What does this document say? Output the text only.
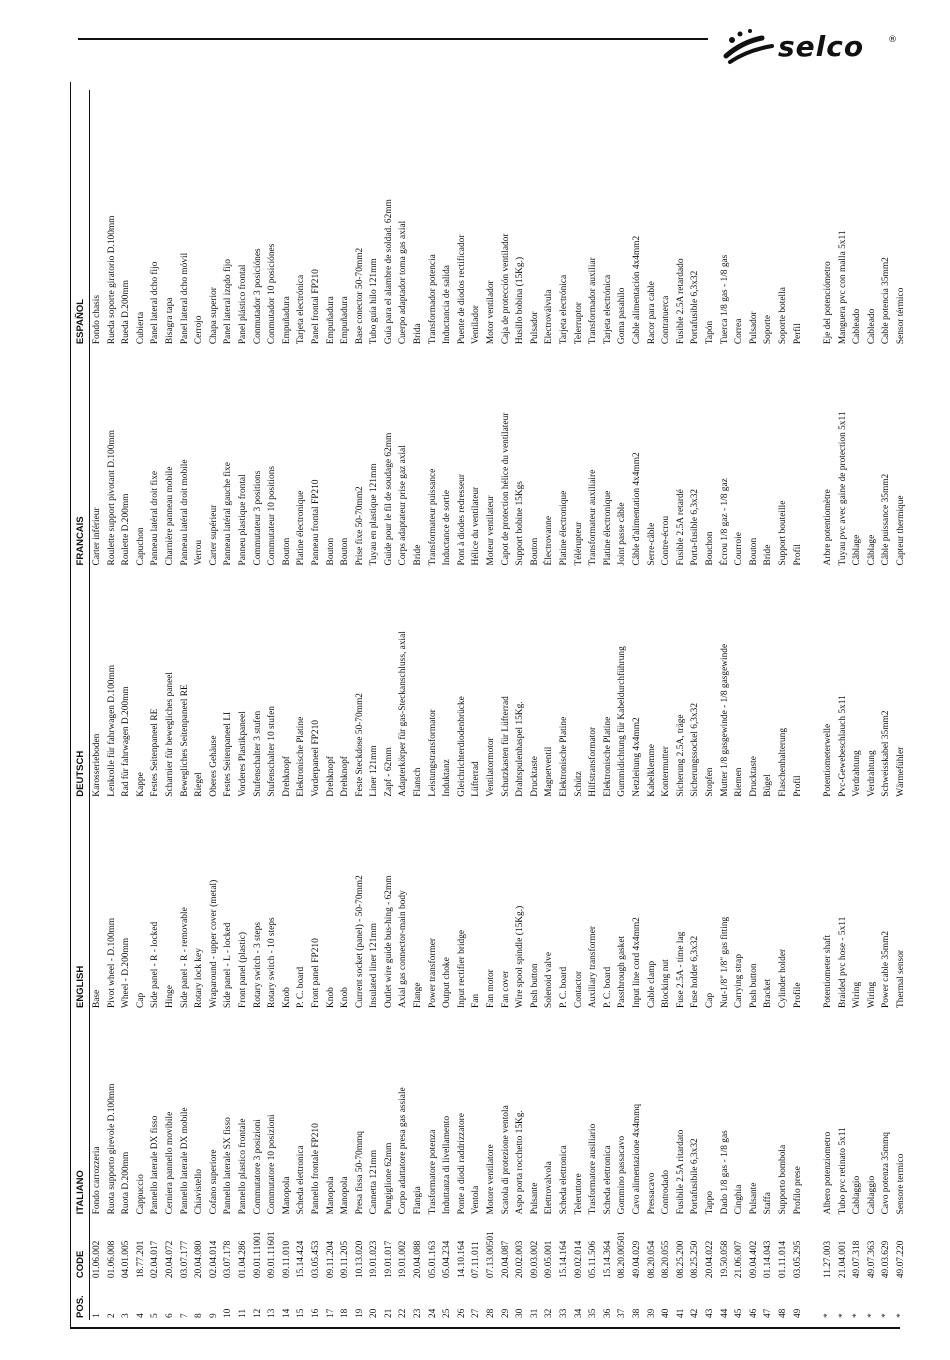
selco	®
POS.
CODE
ITALIANO
ENGLISH
DEUTSCH
FRANCAIS
ESPAÑOL
1
01.06.002
Fondo carrozzeria
Base
Karosserieboden
Carter inférieur
Fondo chasis
2
01.06.008
Ruota supporto girevole D.100mm
Pivot wheel - D.100mm
Lenkrolle für fahrwagen D.100mm
Roulette support pivotant D.100mm
Rueda soporte giratorio D.100mm
3
04.01.005
Ruota D.200mm
Wheel - D.200mm
Rad für fahrwagen D.200mm
Roulette D.200mm
Rueda D.200mm
4
18.77.201
Cappuccio
Cap
Kappe
Capuchon
Cubierta
5
02.04.017
Pannello laterale DX fisso
Side panel - R - locked
Festes Seitenpaneel RE
Panneau latéral droit fixe
Panel lateral dcho fijo
6
20.04.072
Cerniera pannello movibile
Hinge
Scharnier für bewegliches paneel
Charnière panneau mobile
Bisagra tapa
7
03.07.177
Pannello laterale DX mobile
Side panel - R - removable
Bewegliches Seitenpaneel RE
Panneau latéral droit mobile
Panel lateral dcho móvil
8
20.04.080
Chiavistello
Rotary lock key
Riegel
Verrou
Cerrojo
9
02.04.014
Cofano superiore
Wraparound - upper cover (metal)
Oberes Gehäuse
Carter supérieur
Chapa superior
10
03.07.178
Pannello laterale SX fisso
Side panel - L - locked
Festes Seitenpaneel LI
Panneau latéral gauche fixe
Panel lateral izqdo fijo
11
01.04.286
Pannello plastico frontale
Front panel (plastic)
Vorderes Plastikpaneel
Panneu plastique frontal
Panel plástico frontal
12
09.01.11001
Commutatore 3 posizioni
Rotary switch - 3 steps
Stufenschalter 3 stufen
Commutateur 3 positions
Conmutador 3 posiciónes
13
09.01.11601
Commutatore 10 posizioni
Rotary switch - 10 steps
Stufenschalter 10 stufen
Commutateur 10 positions
Conmutador 10 posiciónes
14
09.11.010
Manopola
Knob
Drehknopf
Bouton
Empuñadura
15
15.14.424
Scheda elettronica
P. C. board
Elektronische Platine
Platine électronique
Tarjeta electrónica
16
03.05.453
Pannello frontale FP210
Front panel FP210
Vorderpaneel FP210
Panneau frontal FP210
Panel frontal FP210
17
09.11.204
Manopola
Knob
Drehknopf
Bouton
Empuñadura
18
09.11.205
Manopola
Knob
Drehknopf
Bouton
Empuñadura
19
10.13.020
Presa fissa 50-70mmq
Current socket (panel) - 50-70mm2
Feste Steckdose 50-70mm2
Prise fixe 50-70mm2
Base conector 50-70mm2
20
19.01.023
Cannetta 121mm
Insulated liner 121mm
Liner 121mm
Tuyau en plastique 121mm
Tubo guía hilo 121mm
21
19.01.017
Pungiglione 62mm
Outlet wire guide bus-hing - 62mm
Zapf - 62mm
Guide pour le fil de soudage 62mm
Guía para el alambre de soldad. 62mm
22
19.01.002
Corpo adattatore presa gas assiale
Axial gas connector-main body
Adapterkörper für gas-Steckanschluss, axial
Corps adaptateur prise gaz axial
Cuerpo adaptador toma gas axial
23
20.04.088
Flangia
Flange
Flansch
Bride
Brida
24
05.01.163
Trasformatore potenza
Power transformer
Leistungstransformator
Transformateur puissance
Transformador potencia
25
05.04.234
Induttanza di livellamento
Output choke
Induktanz
Inductance de sortie
Inductancia de salida
26
14.10.164
Ponte a diodi raddrizzatore
Input rectifier bridge
Gleichrichterdiodenbrücke
Pont à diodes redresseur
Puente de diodos rectificador
27
07.11.011
Ventola
Fan
Lüfterrad
Hélice du ventilateur
Ventilador
28
07.13.00501
Motore ventilatore
Fan motor
Ventilatormotor
Moteur ventilateur
Motor ventilador
29
20.04.087
Scatola di protezione ventola
Fan cover
Schutzkasten für Lüfterrad
Capot de protection hélice du ventilateur
Caja de protección ventilador
30
20.02.003
Aspo porta rocchetto 15Kg.
Wire spool spindle (15Kg.)
Drahtspulenhaspel 15Kg.
Support bobine 15Kgs
Husillo bobina (15Kg.)
31
09.03.002
Pulsante
Push button
Drucktaste
Bouton
Pulsador
32
09.05.001
Elettrovalvola
Solenoid valve
Magnetventil
Électrovanne
Electroválvula
33
15.14.164
Scheda elettronica
P. C. board
Elektronische Platine
Platine électronique
Tarjeta electrónica
34
09.02.014
Teleruttore
Contactor
Schütz
Télérupteur
Telerruptor
35
05.11.506
Trasformatore ausiliario
Auxiliary transformer
Hilfstransformator
Transformateur auxiliaire
Transformador auxiliar
36
15.14.364
Scheda elettronica
P. C. board
Elektronische Platine
Platine électronique
Tarjeta electrónica
37
08.20.00501
Gommino passacavo
Passthrough gasket
Gummidichtung für Kabeldurchführung
Joint passe câble
Goma pasahilo
38
49.04.029
Cavo alimentazione 4x4mmq
Input line cord 4x4mm2
Netzleitung 4x4mm2
Câble d'alimentation 4x4mm2
Cable alimentación 4x4mm2
39
08.20.054
Pressacavo
Cable clamp
Kabelklemme
Serre-câble
Racor para cable
40
08.20.055
Controdado
Blocking nut
Kontermutter
Contre-écrou
Contratuerca
41
08.25.200
Fusibile 2.5A ritardato
Fuse 2.5A - time lag
Sicherung 2.5A, träge
Fusible 2.5A retardé
Fusible 2.5A retardado
42
08.25.250
Portafusibile 6,3x32
Fuse holder 6,3x32
Sicherungssockel 6,3x32
Porta-fusible 6,3x32
Portafusible 6,3x32
43
20.04.022
Tappo
Cap
Stopfen
Bouchon
Tapón
44
19.50.058
Dado 1/8 gas - 1/8 gas
Nut-1/8" 1/8" gas fitting
Mutter 1/8 gasgewinde - 1/8 gasgewinde
Écrou 1/8 gaz - 1/8 gaz
Tuerca 1/8 gas - 1/8 gas
45
21.06.007
Cinghia
Carrying strap
Riemen
Courroie
Correa
46
09.04.402
Pulsante
Push button
Drucktaste
Bouton
Pulsador
47
01.14.043
Staffa
Bracket
Bügel
Bride
Soporte
48
01.11.014
Supporto bombola
Cylinder holder
Flaschenhalterung
Support bouteille
Soporte botella
49
03.05.295
Profilo prese
Profile
Profil
Profil
Perfil
*
11.27.003
Albero potenziometro
Potentiometer shaft
Potentiometerwelle
Arbre potentiomètre
Eje del potenciómetro
*
21.04.001
Tubo pvc retinato 5x11
Braided pvc hose - 5x11
Pvc-Gewebeschlauch 5x11
Tuyau pvc avec gaine de protection 5x11
Manguera pvc con malla 5x11
*
49.07.318
Cablaggio
Wiring
Verdrahtung
Câblage
Cableado
*
49.07.363
Cablaggio
Wiring
Verdrahtung
Câblage
Cableado
*
49.03.629
Cavo potenza 35mmq
Power cable 35mm2
Schweisskabel 35mm2
Câble puissance 35mm2
Cable potencia 35mm2
*
49.07.220
Sensore termico
Thermal sensor
Wärmefühler
Capteur thermique
Sensor térmico
